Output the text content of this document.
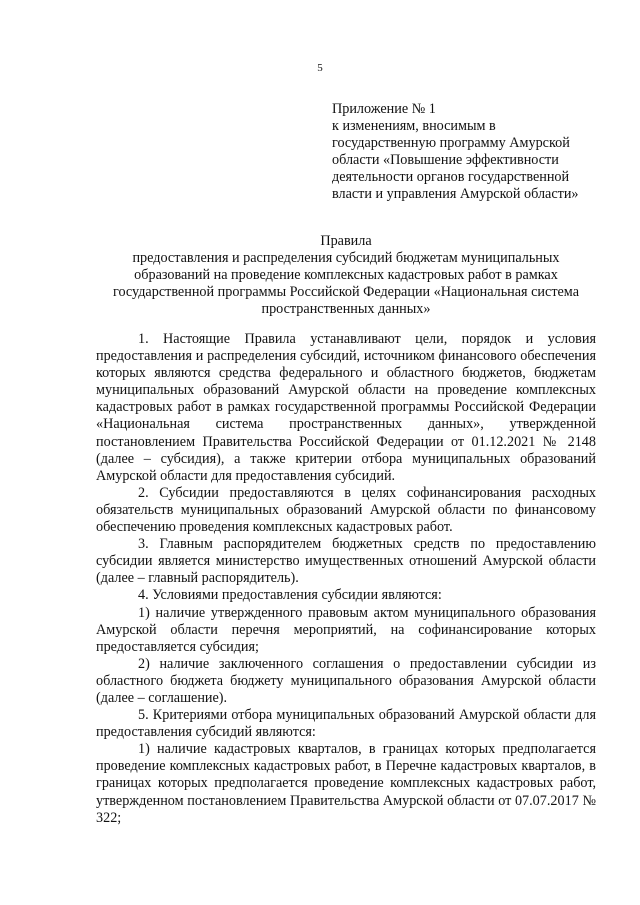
5
Приложение № 1
к изменениям, вносимым в
государственную программу Амурской
области «Повышение эффективности
деятельности органов государственной
власти и управления Амурской области»
Правила
предоставления и распределения субсидий бюджетам муниципальных
образований на проведение комплексных кадастровых работ в рамках
государственной программы Российской Федерации «Национальная система
пространственных данных»

1. Настоящие Правила устанавливают цели, порядок и условия предоставления и распределения субсидий, источником финансового обеспечения которых являются средства федерального и областного бюджетов, бюджетам муниципальных образований Амурской области на проведение комплексных кадастровых работ в рамках государственной программы Российской Федерации «Национальная система пространственных данных», утвержденной постановлением Правительства Российской Федерации от 01.12.2021 № 2148 (далее – субсидия), а также критерии отбора муниципальных образований Амурской области для предоставления субсидий.

2. Субсидии предоставляются в целях софинансирования расходных обязательств муниципальных образований Амурской области по финансовому обеспечению проведения комплексных кадастровых работ.

3. Главным распорядителем бюджетных средств по предоставлению субсидии является министерство имущественных отношений Амурской области (далее – главный распорядитель).

4. Условиями предоставления субсидии являются:

1) наличие утвержденного правовым актом муниципального образования Амурской области перечня мероприятий, на софинансирование которых предоставляется субсидия;

2) наличие заключенного соглашения о предоставлении субсидии из областного бюджета бюджету муниципального образования Амурской области (далее – соглашение).

5. Критериями отбора муниципальных образований Амурской области для предоставления субсидий являются:

1) наличие кадастровых кварталов, в границах которых предполагается проведение комплексных кадастровых работ, в Перечне кадастровых кварталов, в границах которых предполагается проведение комплексных кадастровых работ, утвержденном постановлением Правительства Амурской области от 07.07.2017 № 322;
